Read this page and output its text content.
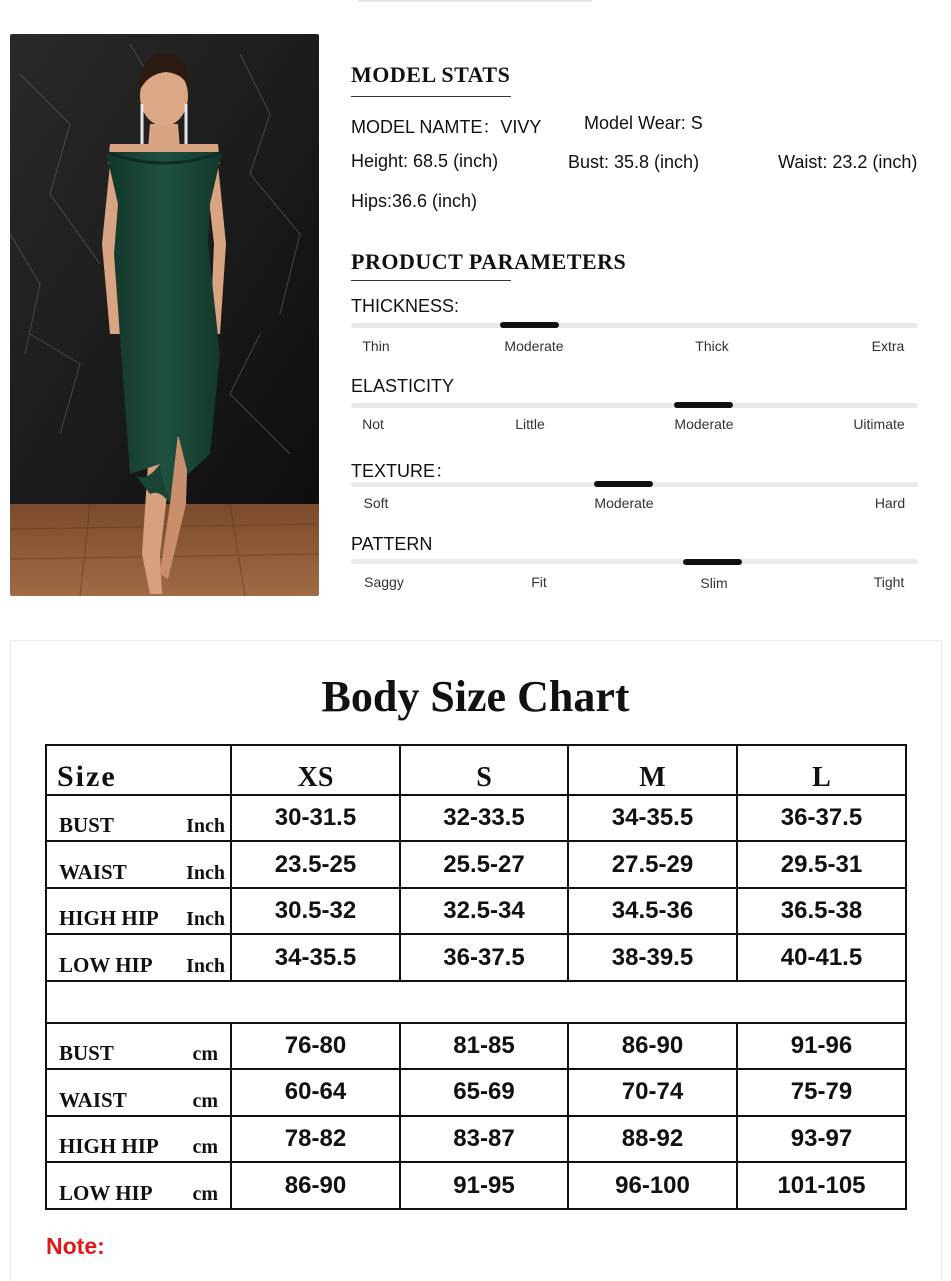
MODEL STATS
MODEL NAMTE：VIVY Model Wear: S
Height: 68.5 (inch)	Bust: 35.8 (inch)	Waist: 23.2 (inch)
Hips:36.6 (inch)
PRODUCT PARAMETERS
THICKNESS:
Thin	Moderate	Thick	Extra
ELASTICITY
Not	Little	Moderate	Uitimate
TEXTURE：
Soft	Moderate	Hard
PATTERN
Saggy	Fit	Slim	Tight
Body Size Chart
Size	XS	S	M	L

BUST Inch	30-31.5	32-33.5	34-35.5	36-37.5

WAIST Inch	23.5-25	25.5-27	27.5-29	29.5-31

HIGH HIP Inch	30.5-32	32.5-34	34.5-36	36.5-38

LOW HIP Inch	34-35.5	36-37.5	38-39.5	40-41.5

BUST cm	76-80	81-85	86-90	91-96

WAIST cm	60-64	65-69	70-74	75-79

HIGH HIP cm	78-82	83-87	88-92	93-97

LOW HIP cm	86-90	91-95	96-100	101-105
Note:
